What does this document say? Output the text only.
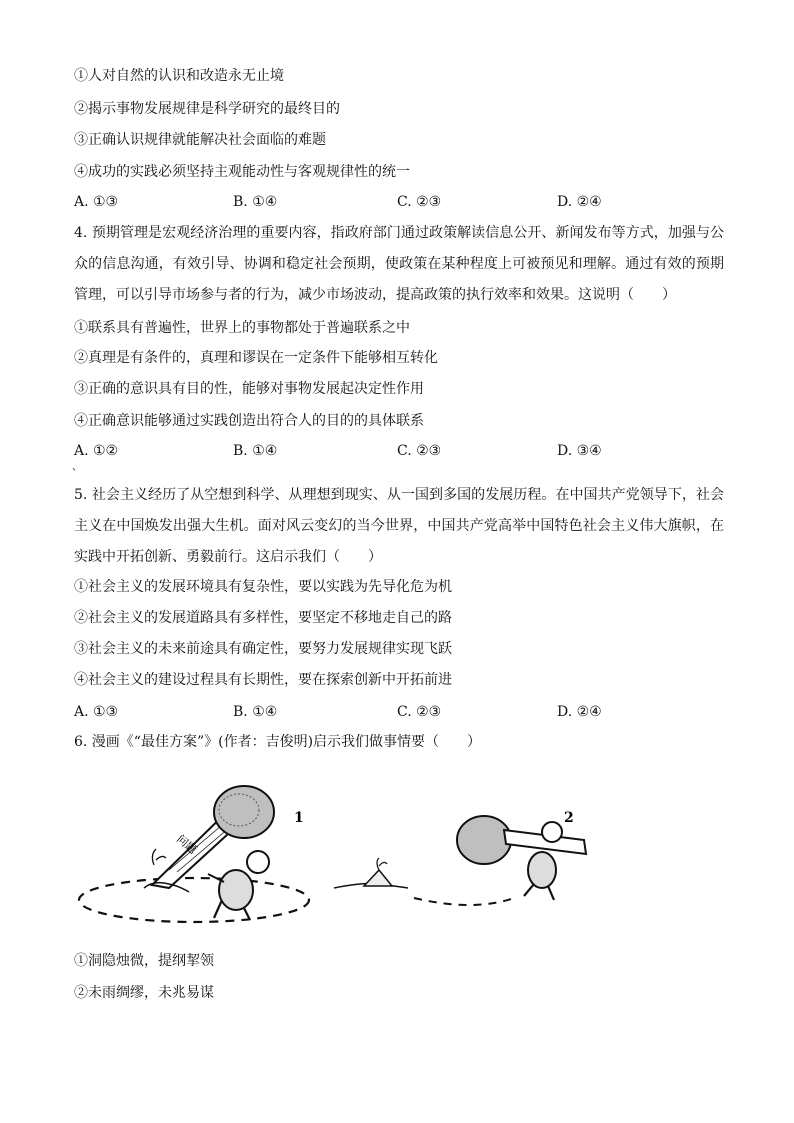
①人对自然的认识和改造永无止境
②揭示事物发展规律是科学研究的最终目的
③正确认识规律就能解决社会面临的难题
④成功的实践必须坚持主观能动性与客观规律性的统一
A. ①③	B. ①④	C. ②③	D. ②④
4. 预期管理是宏观经济治理的重要内容，指政府部门通过政策解读信息公开、新闻发布等方式，加强与公众的信息沟通，有效引导、协调和稳定社会预期，使政策在某种程度上可被预见和理解。通过有效的预期管理，可以引导市场参与者的行为，减少市场波动，提高政策的执行效率和效果。这说明（　　）
①联系具有普遍性，世界上的事物都处于普遍联系之中
②真理是有条件的，真理和谬误在一定条件下能够相互转化
③正确的意识具有目的性，能够对事物发展起决定性作用
④正确意识能够通过实践创造出符合人的目的的具体联系
A. ①②	B. ①④	C. ②③	D. ③④
、
5. 社会主义经历了从空想到科学、从理想到现实、从一国到多国的发展历程。在中国共产党领导下，社会主义在中国焕发出强大生机。面对风云变幻的当今世界，中国共产党高举中国特色社会主义伟大旗帜，在实践中开拓创新、勇毅前行。这启示我们（　　）
①社会主义的发展环境具有复杂性，要以实践为先导化危为机
②社会主义的发展道路具有多样性，要坚定不移地走自己的路
③社会主义的未来前途具有确定性，要努力发展规律实现飞跃
④社会主义的建设过程具有长期性，要在探索创新中开拓前进
A. ①③	B. ①④	C. ②③	D. ②④
6. 漫画《“最佳方案”》(作者：吉俊明)启示我们做事情要（　　）
问题
1	2
①洞隐烛微，提纲挈领
②未雨绸缪，未兆易谋
